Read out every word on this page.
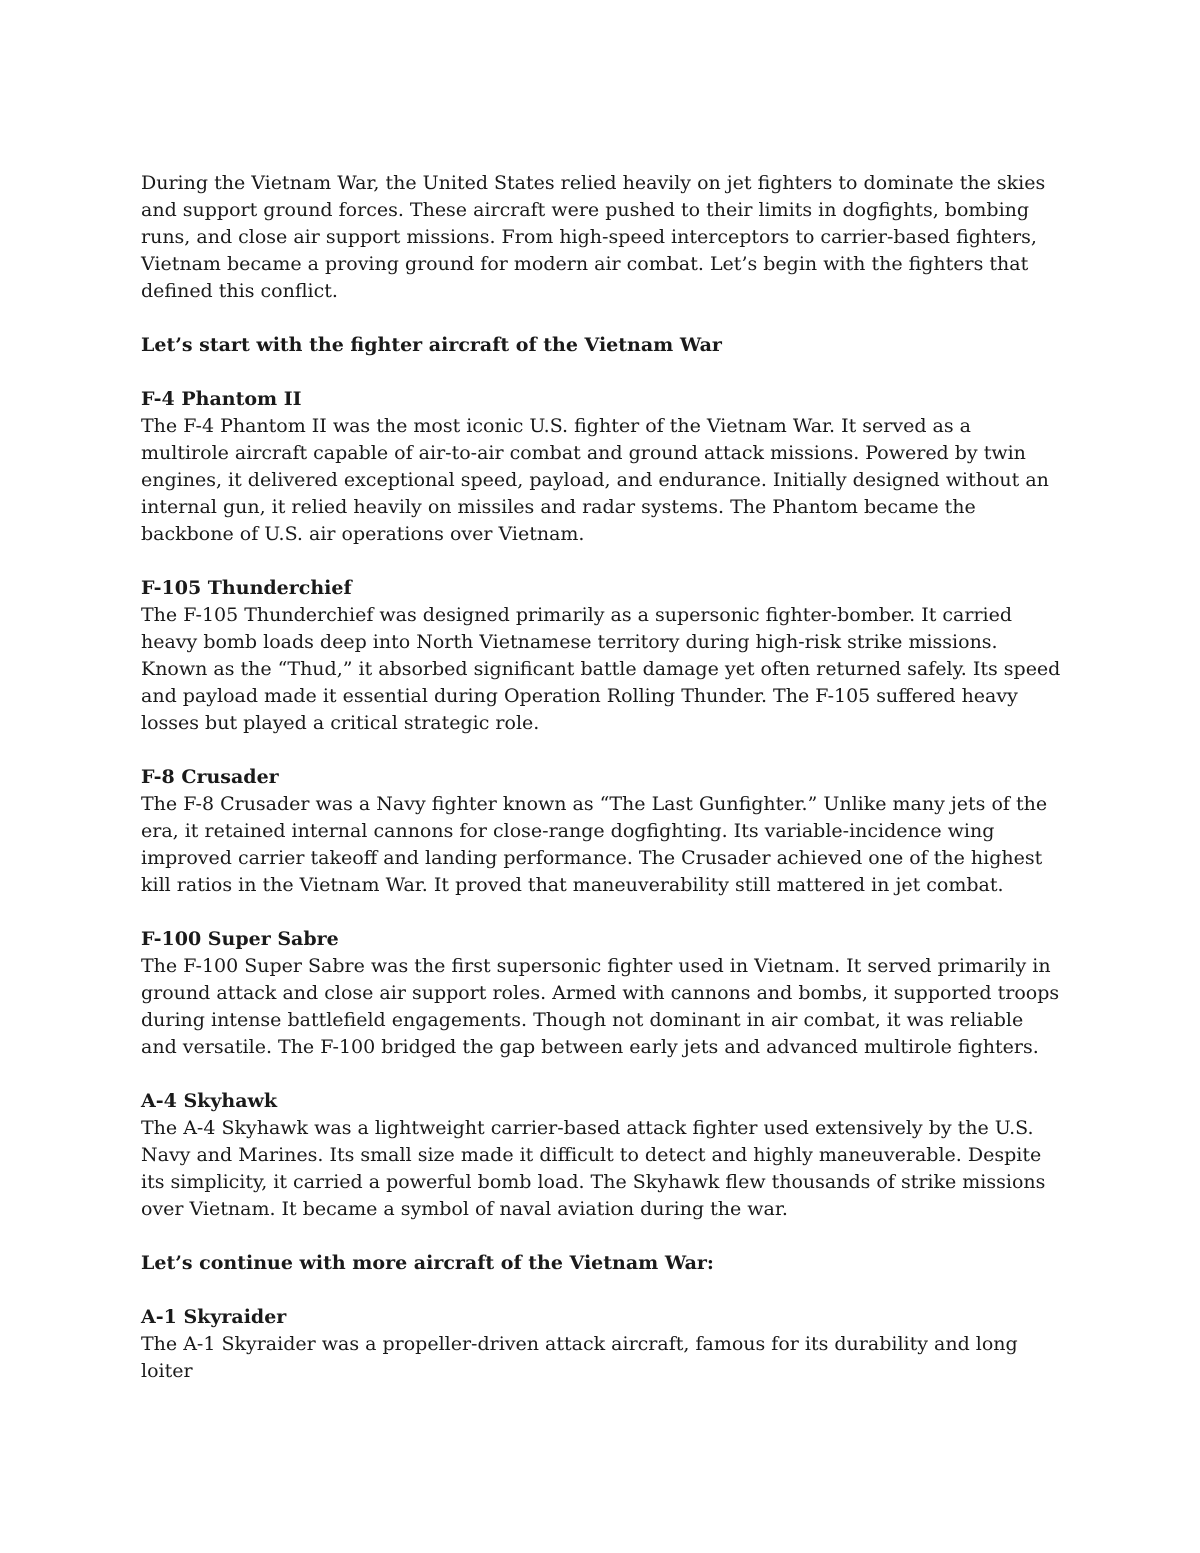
During the Vietnam War, the United States relied heavily on jet fighters to dominate the skies and support ground forces. These aircraft were pushed to their limits in dogfights, bombing runs, and close air support missions. From high-speed interceptors to carrier-based fighters, Vietnam became a proving ground for modern air combat. Let’s begin with the fighters that defined this conflict.

Let’s start with the fighter aircraft of the Vietnam War

F-4 Phantom II

The F-4 Phantom II was the most iconic U.S. fighter of the Vietnam War. It served as a multirole aircraft capable of air-to-air combat and ground attack missions. Powered by twin engines, it delivered exceptional speed, payload, and endurance. Initially designed without an internal gun, it relied heavily on missiles and radar systems. The Phantom became the backbone of U.S. air operations over Vietnam.

F-105 Thunderchief

The F-105 Thunderchief was designed primarily as a supersonic fighter-bomber. It carried heavy bomb loads deep into North Vietnamese territory during high-risk strike missions. Known as the “Thud,” it absorbed significant battle damage yet often returned safely. Its speed and payload made it essential during Operation Rolling Thunder. The F-105 suffered heavy losses but played a critical strategic role.

F-8 Crusader

The F-8 Crusader was a Navy fighter known as “The Last Gunfighter.” Unlike many jets of the era, it retained internal cannons for close-range dogfighting. Its variable-incidence wing improved carrier takeoff and landing performance. The Crusader achieved one of the highest kill ratios in the Vietnam War. It proved that maneuverability still mattered in jet combat.

F-100 Super Sabre

The F-100 Super Sabre was the first supersonic fighter used in Vietnam. It served primarily in ground attack and close air support roles. Armed with cannons and bombs, it supported troops during intense battlefield engagements. Though not dominant in air combat, it was reliable and versatile. The F-100 bridged the gap between early jets and advanced multirole fighters.

A-4 Skyhawk

The A-4 Skyhawk was a lightweight carrier-based attack fighter used extensively by the U.S. Navy and Marines. Its small size made it difficult to detect and highly maneuverable. Despite its simplicity, it carried a powerful bomb load. The Skyhawk flew thousands of strike missions over Vietnam. It became a symbol of naval aviation during the war.

Let’s continue with more aircraft of the Vietnam War:

A-1 Skyraider

The A-1 Skyraider was a propeller-driven attack aircraft, famous for its durability and long loiter
